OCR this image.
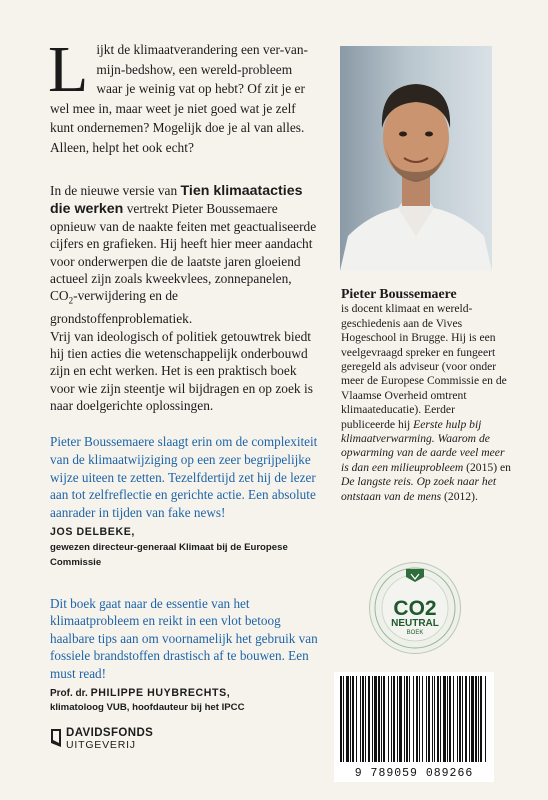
Lijkt de klimaatverandering een ver-van-mijn-bedshow, een wereld-probleem waar je weinig vat op hebt? Of zit je er wel mee in, maar weet je niet goed wat je zelf kunt ondernemen? Mogelijk doe je al van alles. Alleen, helpt het ook echt?

In de nieuwe versie van Tien klimaatacties die werken vertrekt Pieter Boussemaere opnieuw van de naakte feiten met geactualiseerde cijfers en grafieken. Hij heeft hier meer aandacht voor onderwerpen die de laatste jaren gloeiend actueel zijn zoals kweekvlees, zonnepanelen, $CO_2$-verwijdering en de grondstoffenproblematiek.
Vrij van ideologisch of politiek getouwtrek biedt hij tien acties die wetenschappelijk onderbouwd zijn en echt werken. Het is een praktisch boek voor wie zijn steentje wil bijdragen en op zoek is naar doelgerichte oplossingen.

Pieter Boussemaere slaagt erin om de complexiteit van de klimaatwijziging op een zeer begrijpelijke wijze uiteen te zetten. Tezelfdertijd zet hij de lezer aan tot zelfreflectie en gerichte actie. Een absolute aanrader in tijden van fake news!

JOS DELBEKE,

gewezen directeur-generaal Klimaat bij de Europese Commissie

Dit boek gaat naar de essentie van het klimaatprobleem en reikt in een vlot betoog haalbare tips aan om voornamelijk het gebruik van fossiele brandstoffen drastisch af te bouwen. Een must read!

Prof. dr. PHILIPPE HUYBRECHTS,

klimatoloog VUB, hoofdauteur bij het IPCC

Pieter Boussemaere
is docent klimaat en wereld-geschiedenis aan de Vives Hogeschool in Brugge. Hij is een veelgevraagd spreker en fungeert geregeld als adviseur (voor onder meer de Europese Commissie en de Vlaamse Overheid omtrent klimaateducatie). Eerder publiceerde hij Eerste hulp bij klimaatverwarming. Waarom de opwarming van de aarde veel meer is dan een milieuprobleem (2015) en De langste reis. Op zoek naar het ontstaan van de mens (2012).

CO2
NEUTRAL
BOEK
9 789059 089266
DAVIDSFONDS
UITGEVERIJ
